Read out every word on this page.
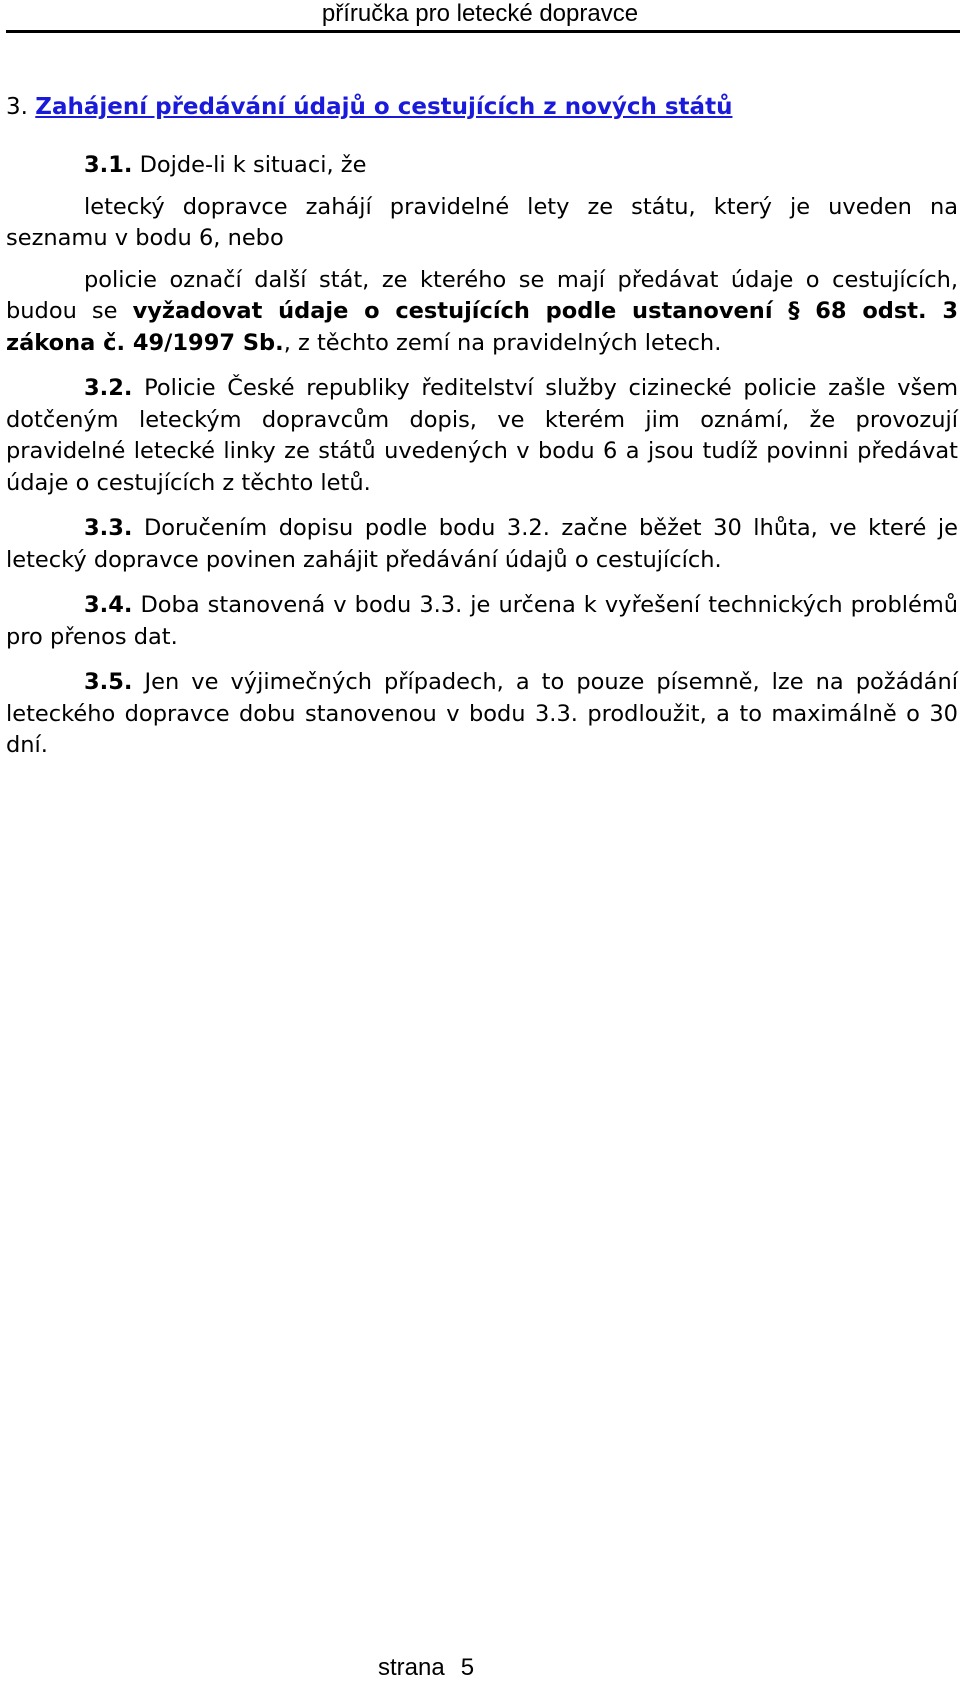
příručka pro letecké dopravce
3. Zahájení předávání údajů o cestujících z nových států

3.1. Dojde-li k situaci, že

letecký dopravce zahájí pravidelné lety ze státu, který je uveden na seznamu v bodu 6, nebo

policie označí další stát, ze kterého se mají předávat údaje o cestujících, budou se vyžadovat údaje o cestujících podle ustanovení § 68 odst. 3 zákona č. 49/1997 Sb., z těchto zemí na pravidelných letech.

3.2. Policie České republiky ředitelství služby cizinecké policie zašle všem dotčeným leteckým dopravcům dopis, ve kterém jim oznámí, že provozují pravidelné letecké linky ze států uvedených v bodu 6 a jsou tudíž povinni předávat údaje o cestujících z těchto letů.

3.3. Doručením dopisu podle bodu 3.2. začne běžet 30 lhůta, ve které je letecký dopravce povinen zahájit předávání údajů o cestujících.

3.4. Doba stanovená v bodu 3.3. je určena k vyřešení technických problémů pro přenos dat.

3.5. Jen ve výjimečných případech, a to pouze písemně, lze na požádání leteckého dopravce dobu stanovenou v bodu 3.3. prodloužit, a to maximálně o 30 dní.

strana 5
